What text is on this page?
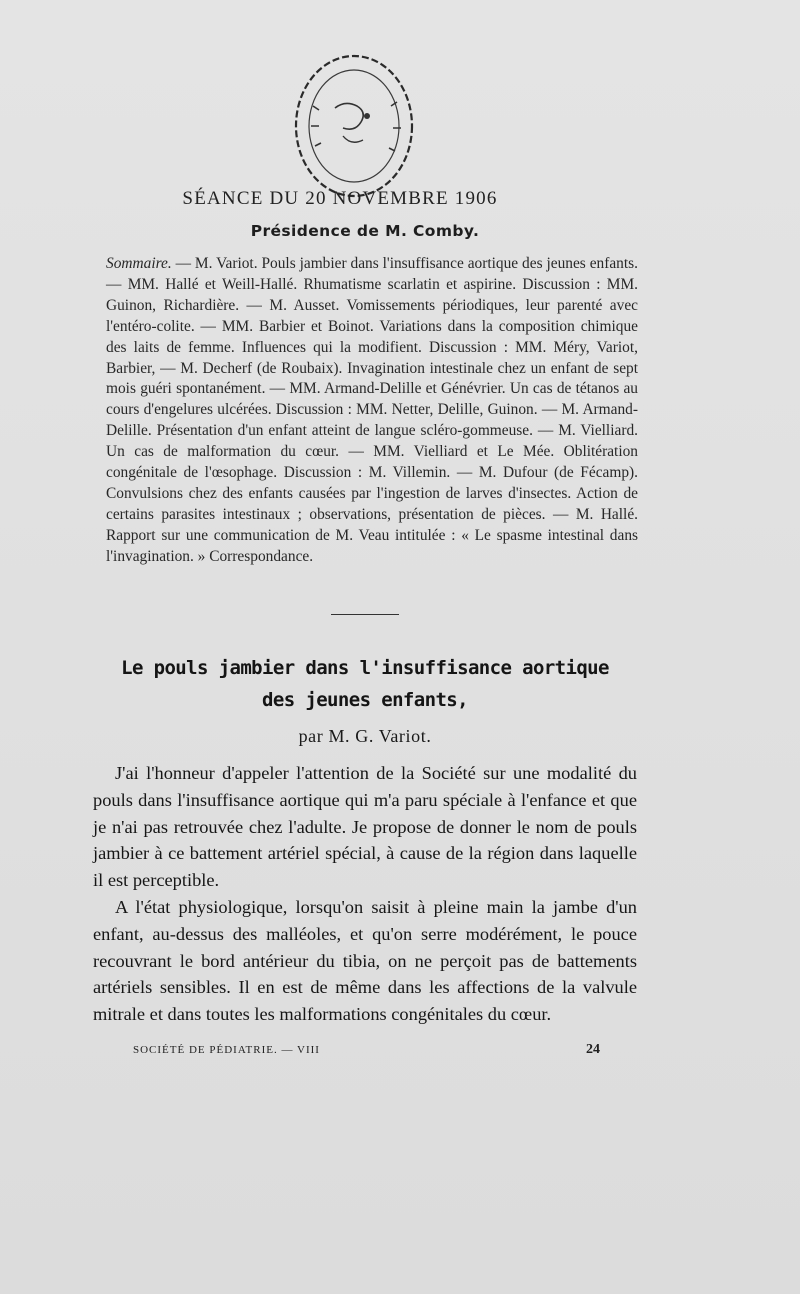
SÉANCE DU 20 NOVEMBRE 1906
Présidence de M. Comby.
Sommaire. — M. Variot. Pouls jambier dans l'insuffisance aortique des jeunes enfants. — MM. Hallé et Weill-Hallé. Rhumatisme scarlatin et aspirine. Discussion : MM. Guinon, Richardière. — M. Ausset. Vomissements périodiques, leur parenté avec l'entéro-colite. — MM. Barbier et Boinot. Variations dans la composition chimique des laits de femme. Influences qui la modifient. Discussion : MM. Méry, Variot, Barbier, — M. Decherf (de Roubaix). Invagination intestinale chez un enfant de sept mois guéri spontanément. — MM. Armand-Delille et Génévrier. Un cas de tétanos au cours d'engelures ulcérées. Discussion : MM. Netter, Delille, Guinon. — M. Armand-Delille. Présentation d'un enfant atteint de langue scléro-gommeuse. — M. Vielliard. Un cas de malformation du cœur. — MM. Vielliard et Le Mée. Oblitération congénitale de l'œsophage. Discussion : M. Villemin. — M. Dufour (de Fécamp). Convulsions chez des enfants causées par l'ingestion de larves d'insectes. Action de certains parasites intestinaux ; observations, présentation de pièces. — M. Hallé. Rapport sur une communication de M. Veau intitulée : « Le spasme intestinal dans l'invagination. » Correspondance.
Le pouls jambier dans l'insuffisance aortique
des jeunes enfants,
par M. G. Variot.

J'ai l'honneur d'appeler l'attention de la Société sur une modalité du pouls dans l'insuffisance aortique qui m'a paru spéciale à l'enfance et que je n'ai pas retrouvée chez l'adulte. Je propose de donner le nom de pouls jambier à ce battement artériel spécial, à cause de la région dans laquelle il est perceptible.

A l'état physiologique, lorsqu'on saisit à pleine main la jambe d'un enfant, au-dessus des malléoles, et qu'on serre modérément, le pouce recouvrant le bord antérieur du tibia, on ne perçoit pas de battements artériels sensibles. Il en est de même dans les affections de la valvule mitrale et dans toutes les malformations congénitales du cœur.

SOCIÉTÉ DE PÉDIATRIE. — VIII	24
